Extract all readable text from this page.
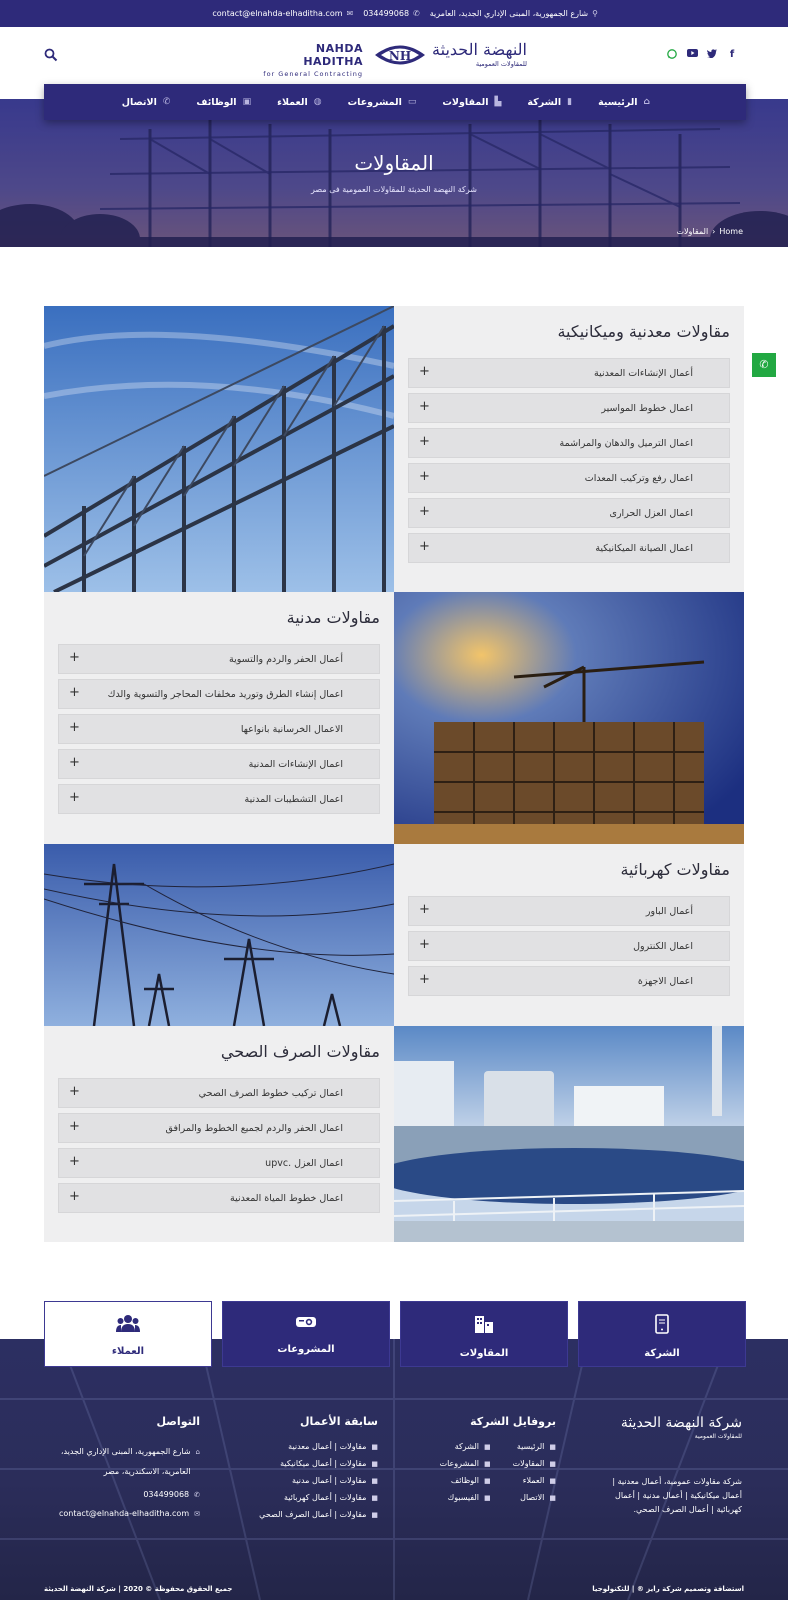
⚲
شارع الجمهورية، المبنى الإداري الجديد، العامرية
✆
034499068
✉
contact@elnahda-elhaditha.com
NAHDA HADITHA
for General Contracting
NH النهضة الحديثة
للمقاولات العمومية
f
المقاولات
شركة النهضة الحديثة للمقاولات العمومية فى مصر
Home
‹
المقاولات
⌂
الرئيسية
▮
الشركة
▙
المقاولات
▭
المشروعات
◍
العملاء
▣
الوظائف
✆
الاتصال
✆
مقاولات معدنية وميكانيكية
أعمال الإنشاءات المعدنية
+
اعمال خطوط المواسير
+
اعمال الترميل والدهان والمراشمة
+
اعمال رفع وتركيب المعدات
+
اعمال العزل الحرارى
+
اعمال الصيانة الميكانيكية
+
مقاولات مدنية
أعمال الحفر والردم والتسوية
+
اعمال إنشاء الطرق وتوريد مخلفات المحاجر والتسوية والدك
+
الاعمال الخرسانية بانواعها
+
اعمال الإنشاءات المدنية
+
اعمال التشطيبات المدنية
+
مقاولات كهربائية
أعمال الباور
+
اعمال الكنترول
+
اعمال الاجهزة
+
مقاولات الصرف الصحي
اعمال تركيب خطوط الصرف الصحي
+
اعمال الحفر والردم لجميع الخطوط والمرافق
+
اعمال العزل .upvc
+
اعمال خطوط المياة المعدنية
+
الشركة
المقاولات
المشروعات
العملاء
شركة النهضة الحديثة
للمقاولات العمومية
شركة مقاولات عمومية، أعمال معدنية | أعمال ميكانيكية | أعمال مدنية | أعمال كهربائية | أعمال الصرف الصحي.
بروفايل الشركة
■
الرئيسية
■
المقاولات
■
العملاء
■
الاتصال
■
الشركة
■
المشروعات
■
الوظائف
■
الفيسبوك
سابقة الأعمال
■
مقاولات | أعمال معدنية
■
مقاولات | أعمال ميكانيكية
■
مقاولات | أعمال مدنية
■
مقاولات | أعمال كهربائية
■
مقاولات | أعمال الصرف الصحي
التواصل
⌂
شارع الجمهورية، المبنى الإداري الجديد، العامرية، الاسكندرية، مصر
✆
034499068
✉
contact@elnahda-elhaditha.com
جميع الحقوق محفوظة © 2020 | شركة النهضة الحديثة	استضافة وتصميم شركة رايز ® | للتكنولوجيا
